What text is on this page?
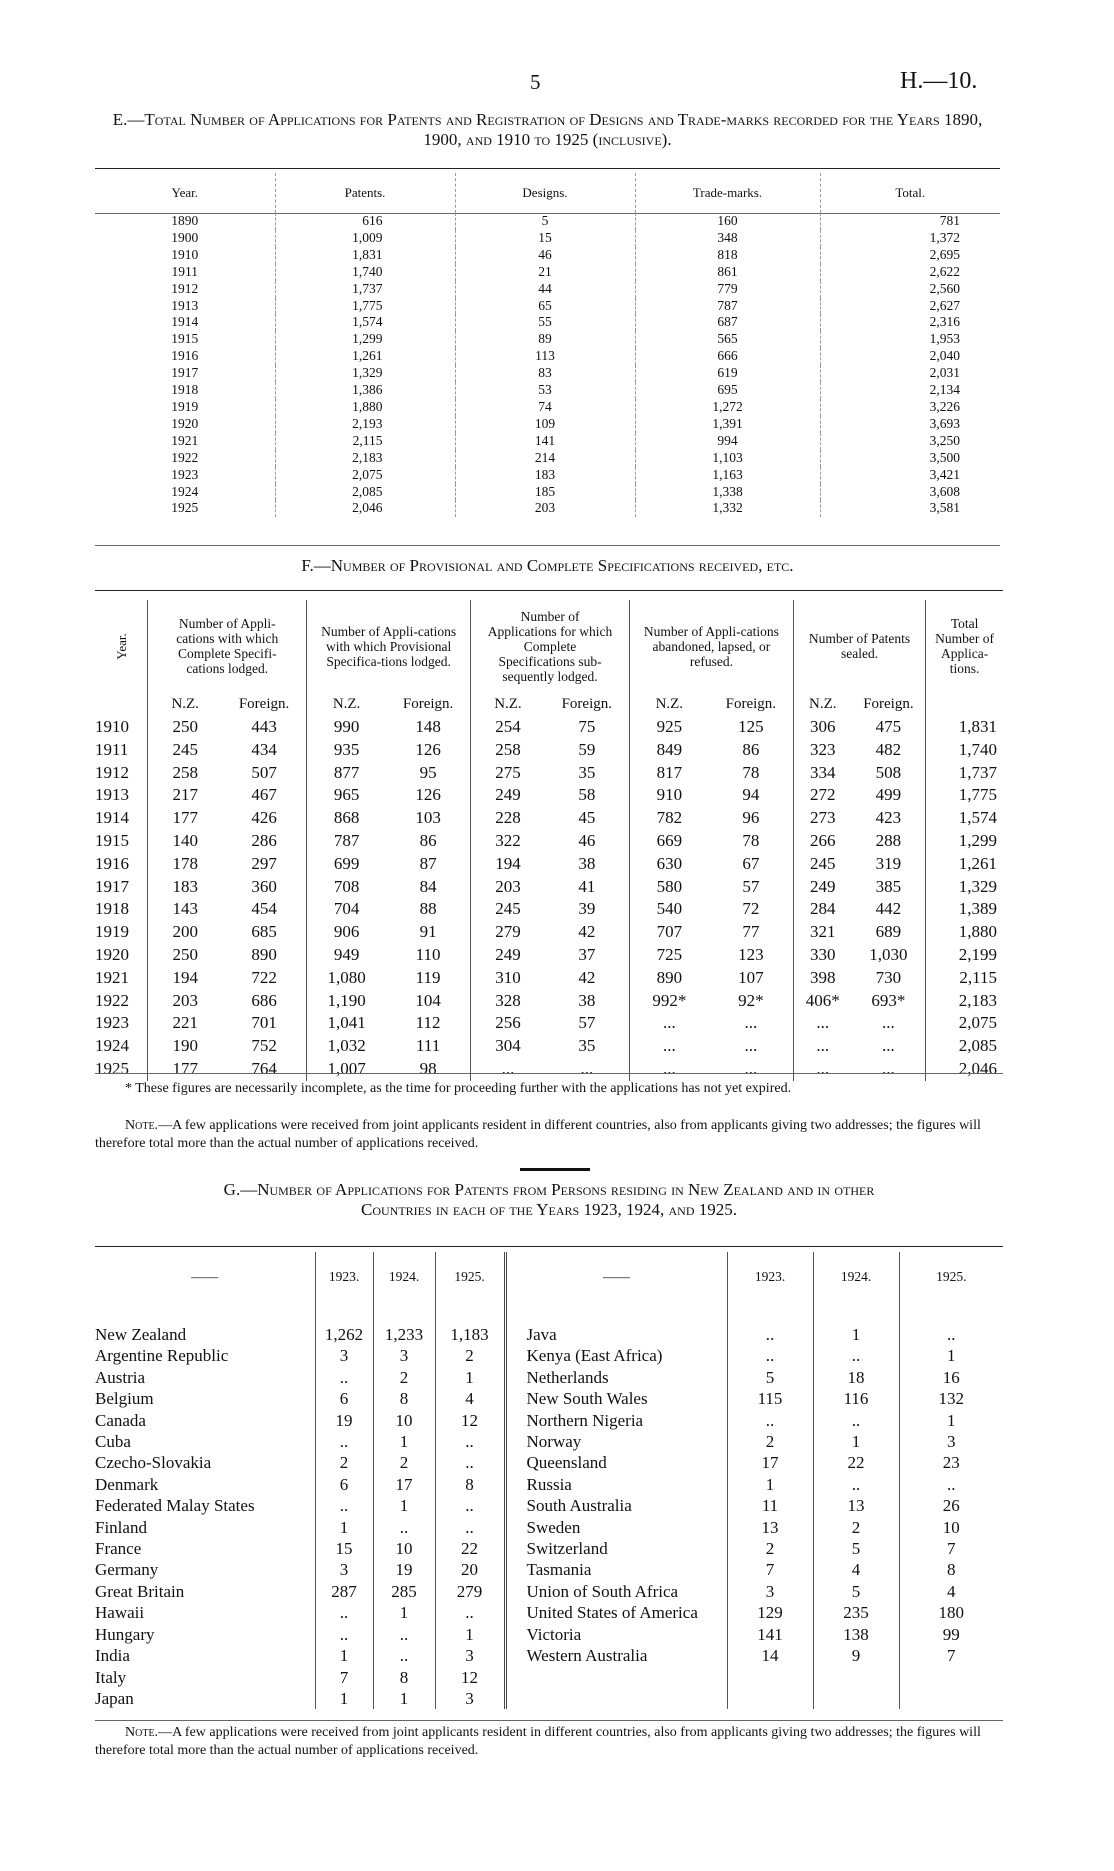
5	H.—10.
E.—Total Number of Applications for Patents and Registration of Designs and Trade-marks recorded for the Years 1890, 1900, and 1910 to 1925 (inclusive).
Year.	Patents.	Designs.	Trade-marks.	Total.
1890	616	5	160	781
1900	1,009	15	348	1,372
1910	1,831	46	818	2,695
1911	1,740	21	861	2,622
1912	1,737	44	779	2,560
1913	1,775	65	787	2,627
1914	1,574	55	687	2,316
1915	1,299	89	565	1,953
1916	1,261	113	666	2,040
1917	1,329	83	619	2,031
1918	1,386	53	695	2,134
1919	1,880	74	1,272	3,226
1920	2,193	109	1,391	3,693
1921	2,115	141	994	3,250
1922	2,183	214	1,103	3,500
1923	2,075	183	1,163	3,421
1924	2,085	185	1,338	3,608
1925	2,046	203	1,332	3,581
F.—Number of Provisional and Complete Specifications received, etc.
Year.	Number of Appli-cations with which Complete Specifi-cations lodged.		Number of Appli-cations with which Provisional Specifica-tions lodged.		Number of Applications for which Complete Specifications sub-sequently lodged.		Number of Appli-cations abandoned, lapsed, or refused.		Number of Patents sealed.		Total Number of Applica-tions.
	N.Z.	Foreign.	N.Z.	Foreign.	N.Z.	Foreign.	N.Z.	Foreign.	N.Z.	Foreign.	
1910	250	443	990	148	254	75	925	125	306	475	1,831
1911	245	434	935	126	258	59	849	86	323	482	1,740
1912	258	507	877	95	275	35	817	78	334	508	1,737
1913	217	467	965	126	249	58	910	94	272	499	1,775
1914	177	426	868	103	228	45	782	96	273	423	1,574
1915	140	286	787	86	322	46	669	78	266	288	1,299
1916	178	297	699	87	194	38	630	67	245	319	1,261
1917	183	360	708	84	203	41	580	57	249	385	1,329
1918	143	454	704	88	245	39	540	72	284	442	1,389
1919	200	685	906	91	279	42	707	77	321	689	1,880
1920	250	890	949	110	249	37	725	123	330	1,030	2,199
1921	194	722	1,080	119	310	42	890	107	398	730	2,115
1922	203	686	1,190	104	328	38	992*	92*	406*	693*	2,183
1923	221	701	1,041	112	256	57	...	...	...	...	2,075
1924	190	752	1,032	111	304	35	...	...	...	...	2,085
1925	177	764	1,007	98	...	...	...	...	...	...	2,046
* These figures are necessarily incomplete, as the time for proceeding further with the applications has not yet expired.
Note.—A few applications were received from joint applicants resident in different countries, also from applicants giving two addresses; the figures will therefore total more than the actual number of applications received.
G.—Number of Applications for Patents from Persons residing in New Zealand and in other
Countries in each of the Years 1923, 1924, and 1925.
——	1923.	1924.	1925.	——	1923.	1924.	1925.

New Zealand	1,262	1,233	1,183	Java	..	1	..
Argentine Republic	3	3	2	Kenya (East Africa)	..	..	1
Austria	..	2	1	Netherlands	5	18	16
Belgium	6	8	4	New South Wales	115	116	132
Canada	19	10	12	Northern Nigeria	..	..	1
Cuba	..	1	..	Norway	2	1	3
Czecho-Slovakia	2	2	..	Queensland	17	22	23
Denmark	6	17	8	Russia	1	..	..
Federated Malay States	..	1	..	South Australia	11	13	26
Finland	1	..	..	Sweden	13	2	10
France	15	10	22	Switzerland	2	5	7
Germany	3	19	20	Tasmania	7	4	8
Great Britain	287	285	279	Union of South Africa	3	5	4
Hawaii	..	1	..	United States of America	129	235	180
Hungary	..	..	1	Victoria	141	138	99
India	1	..	3	Western Australia	14	9	7
Italy	7	8	12				
Japan	1	1	3				
Note.—A few applications were received from joint applicants resident in different countries, also from applicants giving two addresses; the figures will therefore total more than the actual number of applications received.
